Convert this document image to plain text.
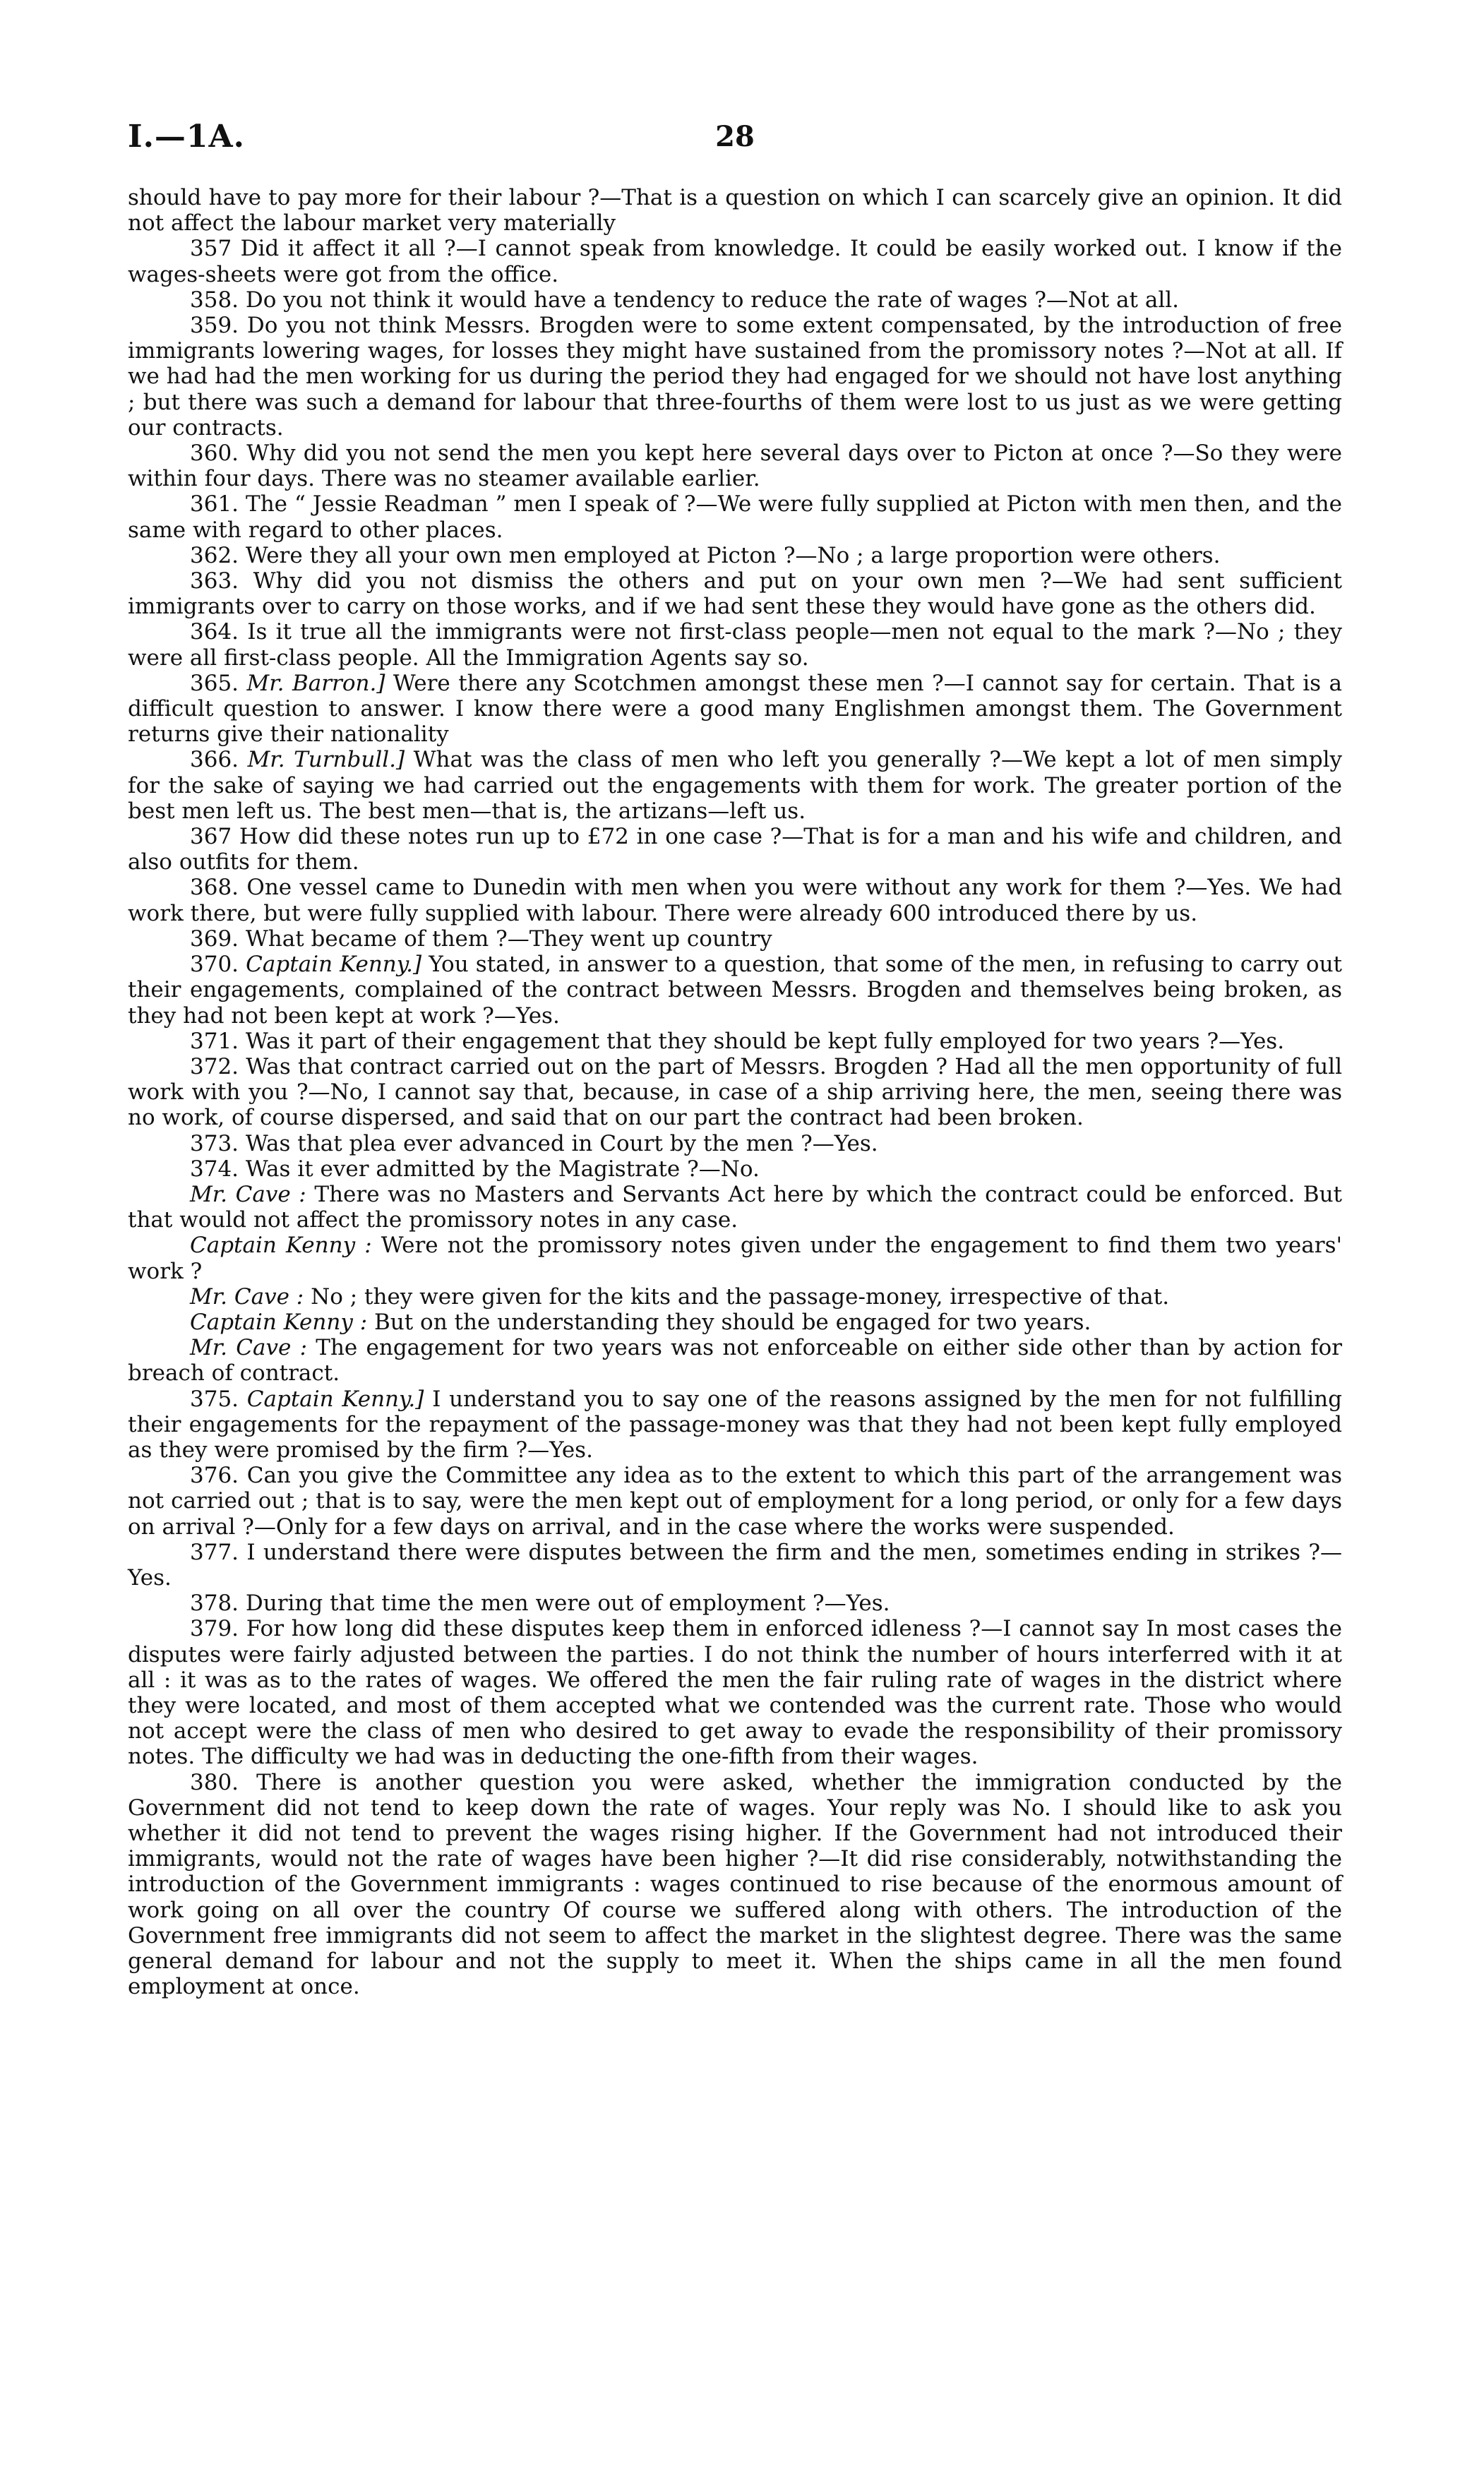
I.—1A.	28

should have to pay more for their labour ?—That is a question on which I can scarcely give an opinion. It did not affect the labour market very materially

357 Did it affect it all ?—I cannot speak from knowledge. It could be easily worked out. I know if the wages-sheets were got from the office.

358. Do you not think it would have a tendency to reduce the rate of wages ?—Not at all.

359. Do you not think Messrs. Brogden were to some extent compensated, by the introduction of free immigrants lowering wages, for losses they might have sustained from the promissory notes ?—Not at all. If we had had the men working for us during the period they had engaged for we should not have lost anything ; but there was such a demand for labour that three-fourths of them were lost to us just as we were getting our contracts.

360. Why did you not send the men you kept here several days over to Picton at once ?—So they were within four days. There was no steamer available earlier.

361. The “ Jessie Readman ” men I speak of ?—We were fully supplied at Picton with men then, and the same with regard to other places.

362. Were they all your own men employed at Picton ?—No ; a large proportion were others.

363. Why did you not dismiss the others and put on your own men ?—We had sent sufficient immigrants over to carry on those works, and if we had sent these they would have gone as the others did.

364. Is it true all the immigrants were not first-class people—men not equal to the mark ?—No ; they were all first-class people. All the Immigration Agents say so.

365. Mr. Barron.] Were there any Scotchmen amongst these men ?—I cannot say for certain. That is a difficult question to answer. I know there were a good many Englishmen amongst them. The Government returns give their nationality

366. Mr. Turnbull.] What was the class of men who left you generally ?—We kept a lot of men simply for the sake of saying we had carried out the engagements with them for work. The greater portion of the best men left us. The best men—that is, the artizans—left us.

367 How did these notes run up to £72 in one case ?—That is for a man and his wife and children, and also outfits for them.

368. One vessel came to Dunedin with men when you were without any work for them ?—Yes. We had work there, but were fully supplied with labour. There were already 600 introduced there by us.

369. What became of them ?—They went up country

370. Captain Kenny.] You stated, in answer to a question, that some of the men, in refusing to carry out their engagements, complained of the contract between Messrs. Brogden and themselves being broken, as they had not been kept at work ?—Yes.

371. Was it part of their engagement that they should be kept fully employed for two years ?—Yes.

372. Was that contract carried out on the part of Messrs. Brogden ? Had all the men opportunity of full work with you ?—No, I cannot say that, because, in case of a ship arriving here, the men, seeing there was no work, of course dispersed, and said that on our part the contract had been broken.

373. Was that plea ever advanced in Court by the men ?—Yes.

374. Was it ever admitted by the Magistrate ?—No.

Mr. Cave : There was no Masters and Servants Act here by which the contract could be enforced. But that would not affect the promissory notes in any case.

Captain Kenny : Were not the promissory notes given under the engagement to find them two years' work ?

Mr. Cave : No ; they were given for the kits and the passage-money, irrespective of that.

Captain Kenny : But on the understanding they should be engaged for two years.

Mr. Cave : The engagement for two years was not enforceable on either side other than by action for breach of contract.

375. Captain Kenny.] I understand you to say one of the reasons assigned by the men for not fulfilling their engagements for the repayment of the passage-money was that they had not been kept fully employed as they were promised by the firm ?—Yes.

376. Can you give the Committee any idea as to the extent to which this part of the arrangement was not carried out ; that is to say, were the men kept out of employment for a long period, or only for a few days on arrival ?—Only for a few days on arrival, and in the case where the works were suspended.

377. I understand there were disputes between the firm and the men, sometimes ending in strikes ?—Yes.

378. During that time the men were out of employment ?—Yes.

379. For how long did these disputes keep them in enforced idleness ?—I cannot say In most cases the disputes were fairly adjusted between the parties. I do not think the number of hours interferred with it at all : it was as to the rates of wages. We offered the men the fair ruling rate of wages in the district where they were located, and most of them accepted what we contended was the current rate. Those who would not accept were the class of men who desired to get away to evade the responsibility of their promissory notes. The difficulty we had was in deducting the one-fifth from their wages.

380. There is another question you were asked, whether the immigration conducted by the Government did not tend to keep down the rate of wages. Your reply was No. I should like to ask you whether it did not tend to prevent the wages rising higher. If the Government had not introduced their immigrants, would not the rate of wages have been higher ?—It did rise considerably, notwithstanding the introduction of the Government immigrants : wages continued to rise because of the enormous amount of work going on all over the country Of course we suffered along with others. The introduction of the Government free immigrants did not seem to affect the market in the slightest degree. There was the same general demand for labour and not the supply to meet it. When the ships came in all the men found employment at once.
